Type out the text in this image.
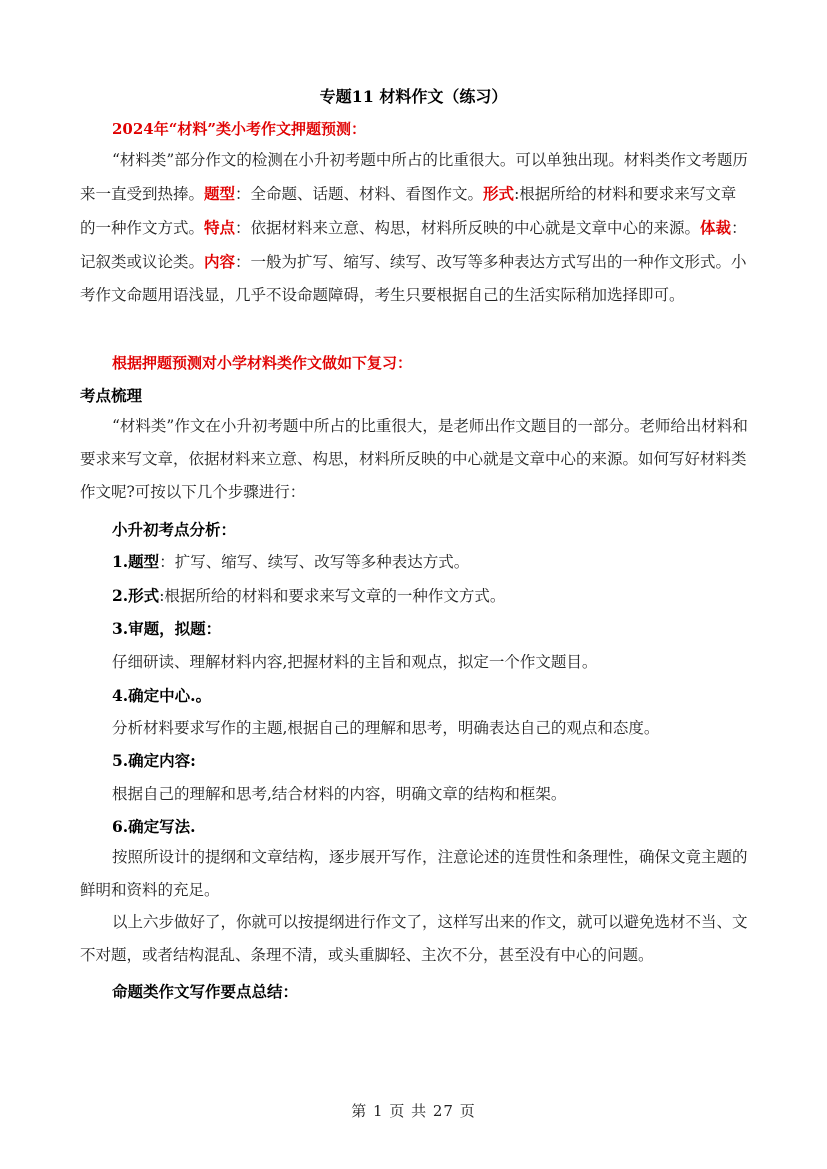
专题11 材料作文（练习）
2024年“材料”类小考作文押题预测：
“材料类”部分作文的检测在小升初考题中所占的比重很大。可以单独出现。材料类作文考题历来一直受到热捧。题型：全命题、话题、材料、看图作文。形式:根据所给的材料和要求来写文章的一种作文方式。特点：依据材料来立意、构思，材料所反映的中心就是文章中心的来源。体裁：记叙类或议论类。内容：一般为扩写、缩写、续写、改写等多种表达方式写出的一种作文形式。小考作文命题用语浅显，几乎不设命题障碍，考生只要根据自己的生活实际稍加选择即可。
根据押题预测对小学材料类作文做如下复习：
考点梳理
“材料类”作文在小升初考题中所占的比重很大，是老师出作文题目的一部分。老师给出材料和要求来写文章，依据材料来立意、构思，材料所反映的中心就是文章中心的来源。如何写好材料类作文呢?可按以下几个步骤进行：
小升初考点分析：
1.题型：扩写、缩写、续写、改写等多种表达方式。
2.形式:根据所给的材料和要求来写文章的一种作文方式。
3.审题，拟题：
仔细研读、理解材料内容,把握材料的主旨和观点，拟定一个作文题目。
4.确定中心.。
分析材料要求写作的主题,根据自己的理解和思考，明确表达自己的观点和态度。
5.确定内容:
根据自己的理解和思考,结合材料的内容，明确文章的结构和框架。
6.确定写法.
按照所设计的提纲和文章结构，逐步展开写作，注意论述的连贯性和条理性，确保文竟主题的鲜明和资料的充足。
以上六步做好了，你就可以按提纲进行作文了，这样写出来的作文，就可以避免选材不当、文不对题，或者结构混乱、条理不清，或头重脚轻、主次不分，甚至没有中心的问题。
命题类作文写作要点总结：
第 1 页 共 27 页
